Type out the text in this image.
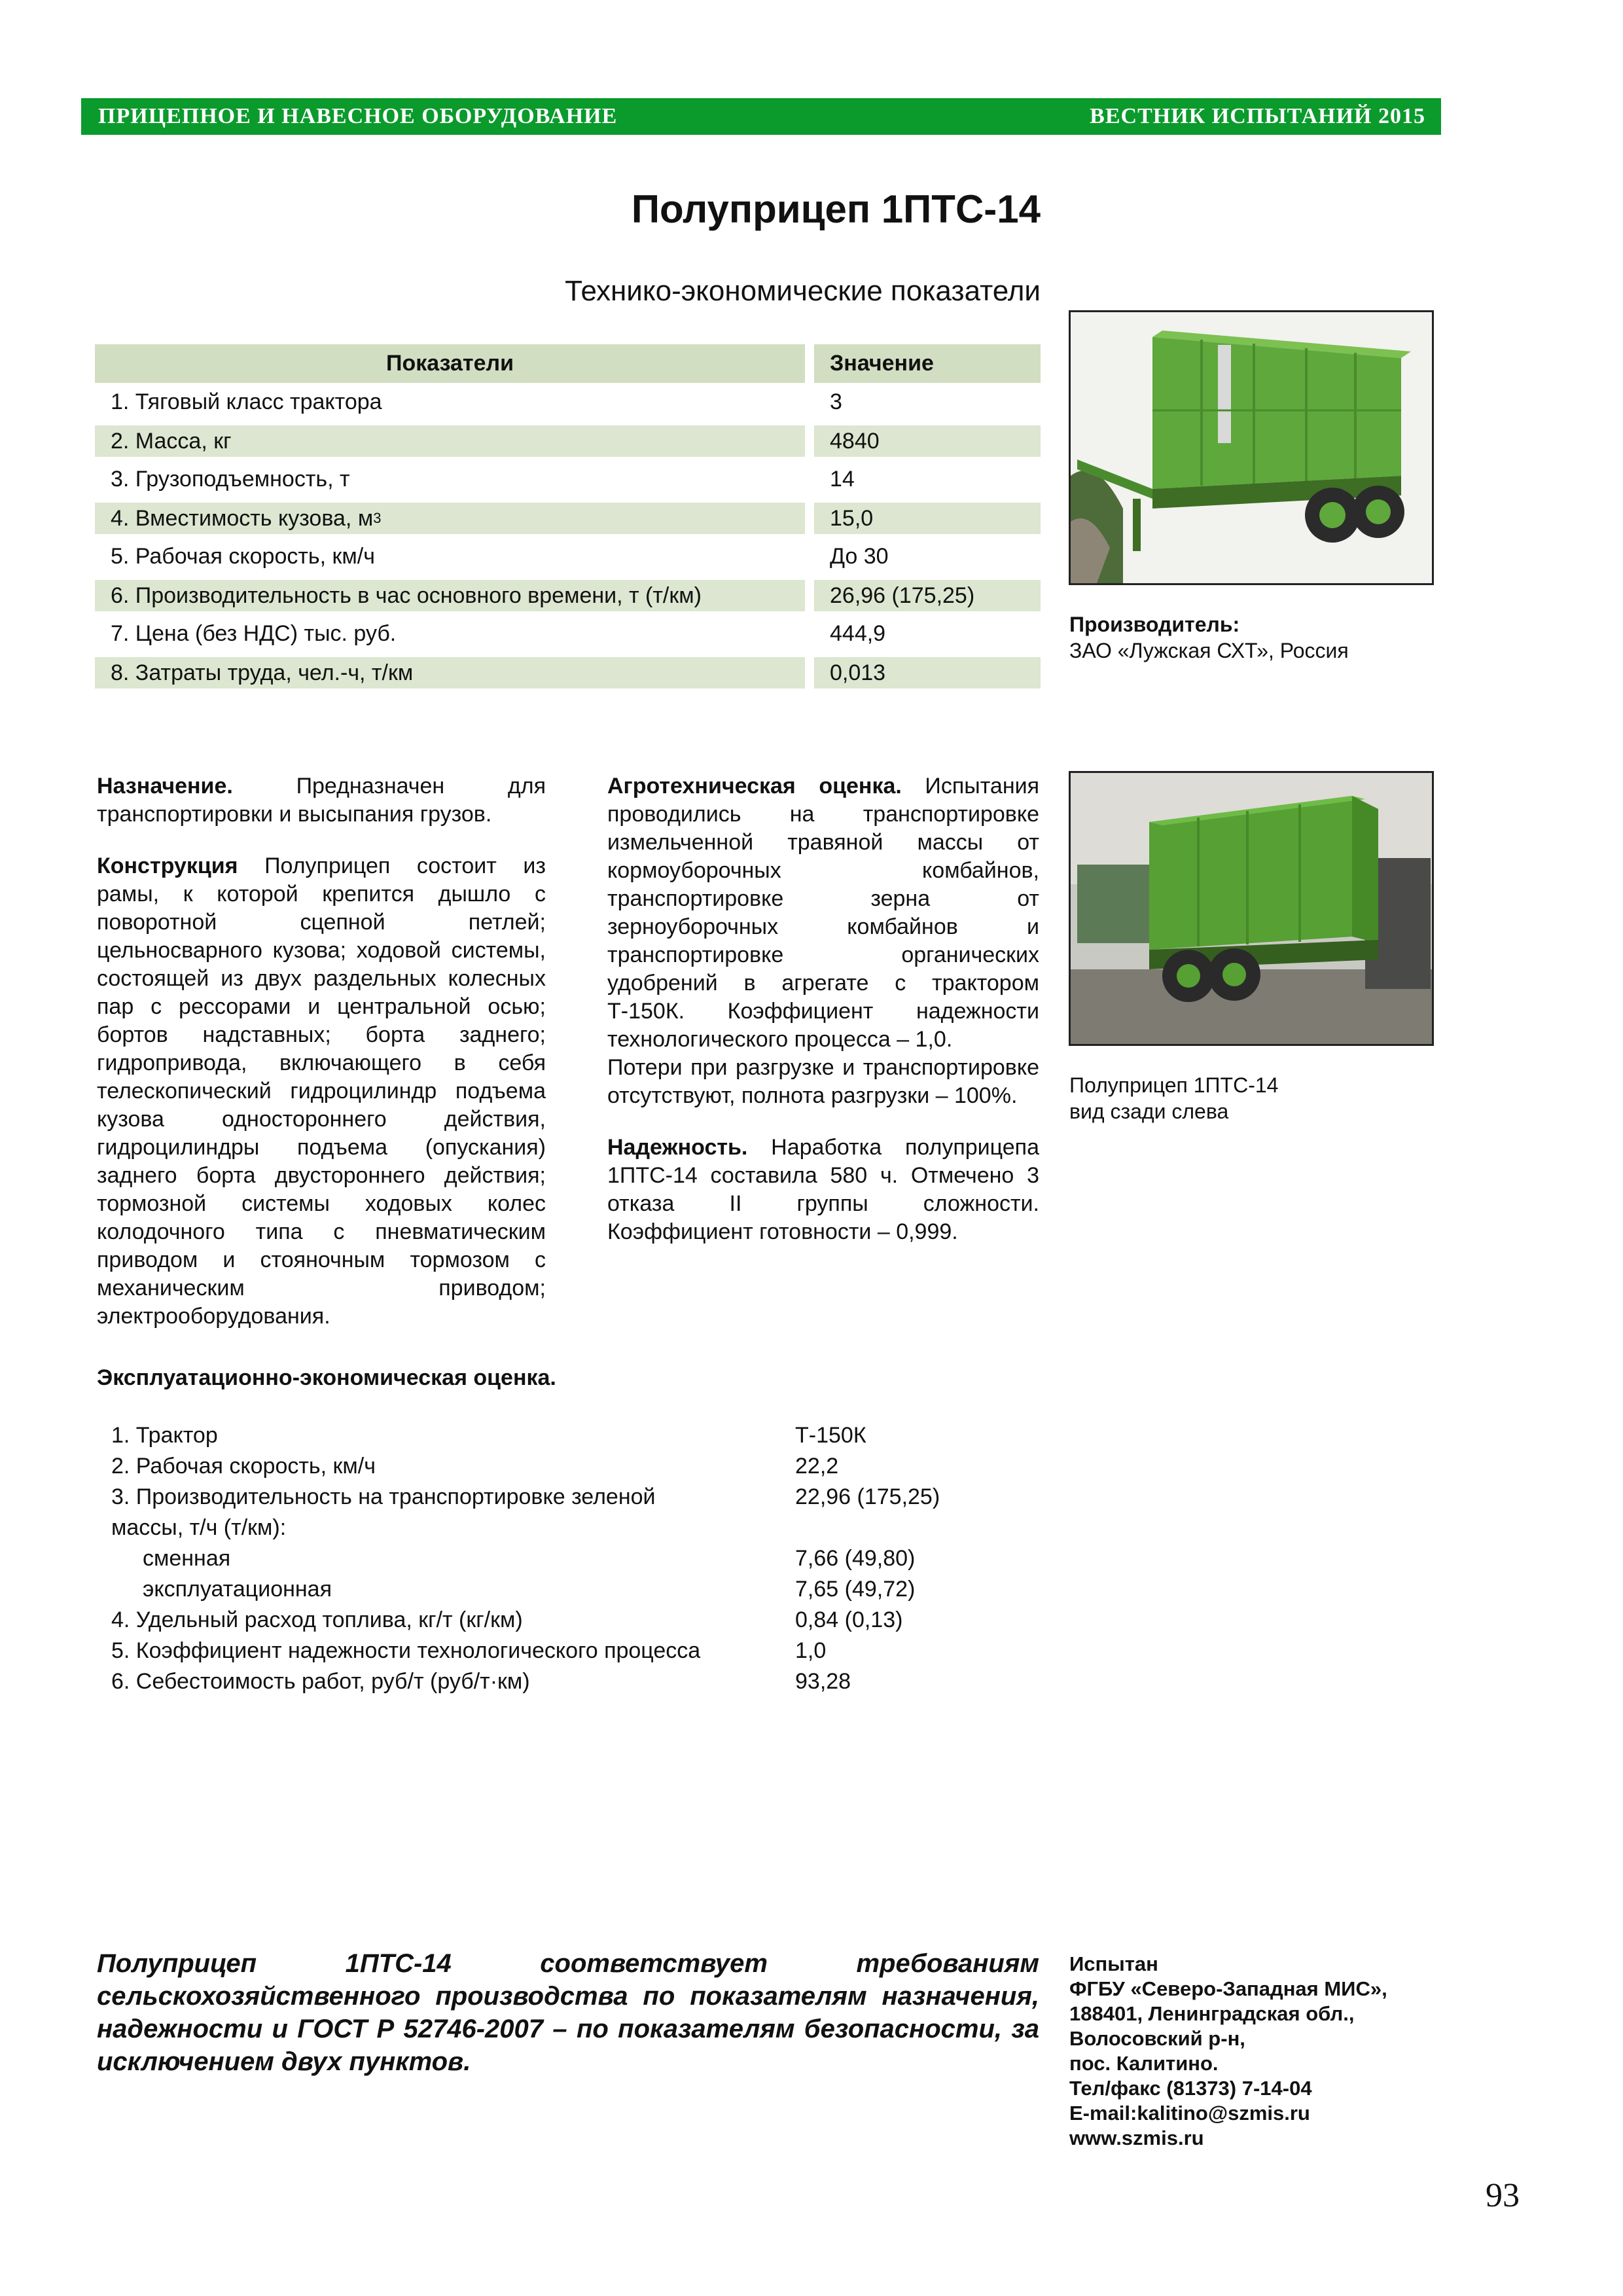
ПРИЦЕПНОЕ И НАВЕСНОЕ ОБОРУДОВАНИЕ	ВЕСТНИК ИСПЫТАНИЙ 2015
Полуприцеп 1ПТС-14
Технико-экономические показатели
Показатели	Значение
1. Тяговый класс трактора	3
2. Масса, кг	4840
3. Грузоподъемность, т	14
4. Вместимость кузова, м 3	15,0
5. Рабочая скорость, км/ч	До 30
6. Производительность в час основного времени, т (т/км)	26,96 (175,25)
7. Цена (без НДС) тыс. руб.	444,9
8. Затраты труда, чел.-ч, т/км	0,013
Производитель:
ЗАО «Лужская СХТ», Россия
Полуприцеп 1ПТС-14
вид сзади слева

Назначение. Предназначен для транспортировки и высыпания грузов.

Конструкция Полуприцеп состоит из рамы, к которой крепится дышло с поворотной сцепной петлей; цельносварного кузова; ходовой системы, состоящей из двух раздельных колесных пар с рессорами и центральной осью; бортов надставных; борта заднего; гидропривода, включающего в себя телескопический гидроцилиндр подъема кузова одностороннего действия, гидроцилиндры подъема (опускания) заднего борта двустороннего действия; тормозной системы ходовых колес колодочного типа с пневматическим приводом и стояночным тормозом с механическим приводом; электрооборудования.

Агротехническая оценка. Испытания проводились на транспортировке измельченной травяной массы от кормоуборочных комбайнов, транспортировке зерна от зерноуборочных комбайнов и транспортировке органических удобрений в агрегате с трактором Т-150К. Коэффициент надежности технологического процесса – 1,0.

Потери при разгрузке и транспортировке отсутствуют, полнота разгрузки – 100%.

Надежность. Наработка полуприцепа 1ПТС-14 составила 580 ч. Отмечено 3 отказа II группы сложности. Коэффициент готовности – 0,999.

Эксплуатационно-экономическая оценка.
1. Трактор	Т-150К
2. Рабочая скорость, км/ч	22,2
3. Производительность на транспортировке зеленой	22,96 (175,25)
массы, т/ч (т/км):
сменная	7,66 (49,80)
эксплуатационная	7,65 (49,72)
4. Удельный расход топлива, кг/т (кг/км)	0,84 (0,13)
5. Коэффициент надежности технологического процесса	1,0
6. Себестоимость работ, руб/т (руб/т·км)	93,28
Полуприцеп 1ПТС-14 соответствует требованиям сельскохозяйственного производства по показателям назначения, надежности и ГОСТ Р 52746-2007 – по показателям безопасности, за исключением двух пунктов.
Испытан
ФГБУ «Северо-Западная МИС»,
188401, Ленинградская обл.,
Волосовский р-н,
пос. Калитино.
Тел/факс (81373) 7-14-04
E-mail:kalitino@szmis.ru
www.szmis.ru
93
